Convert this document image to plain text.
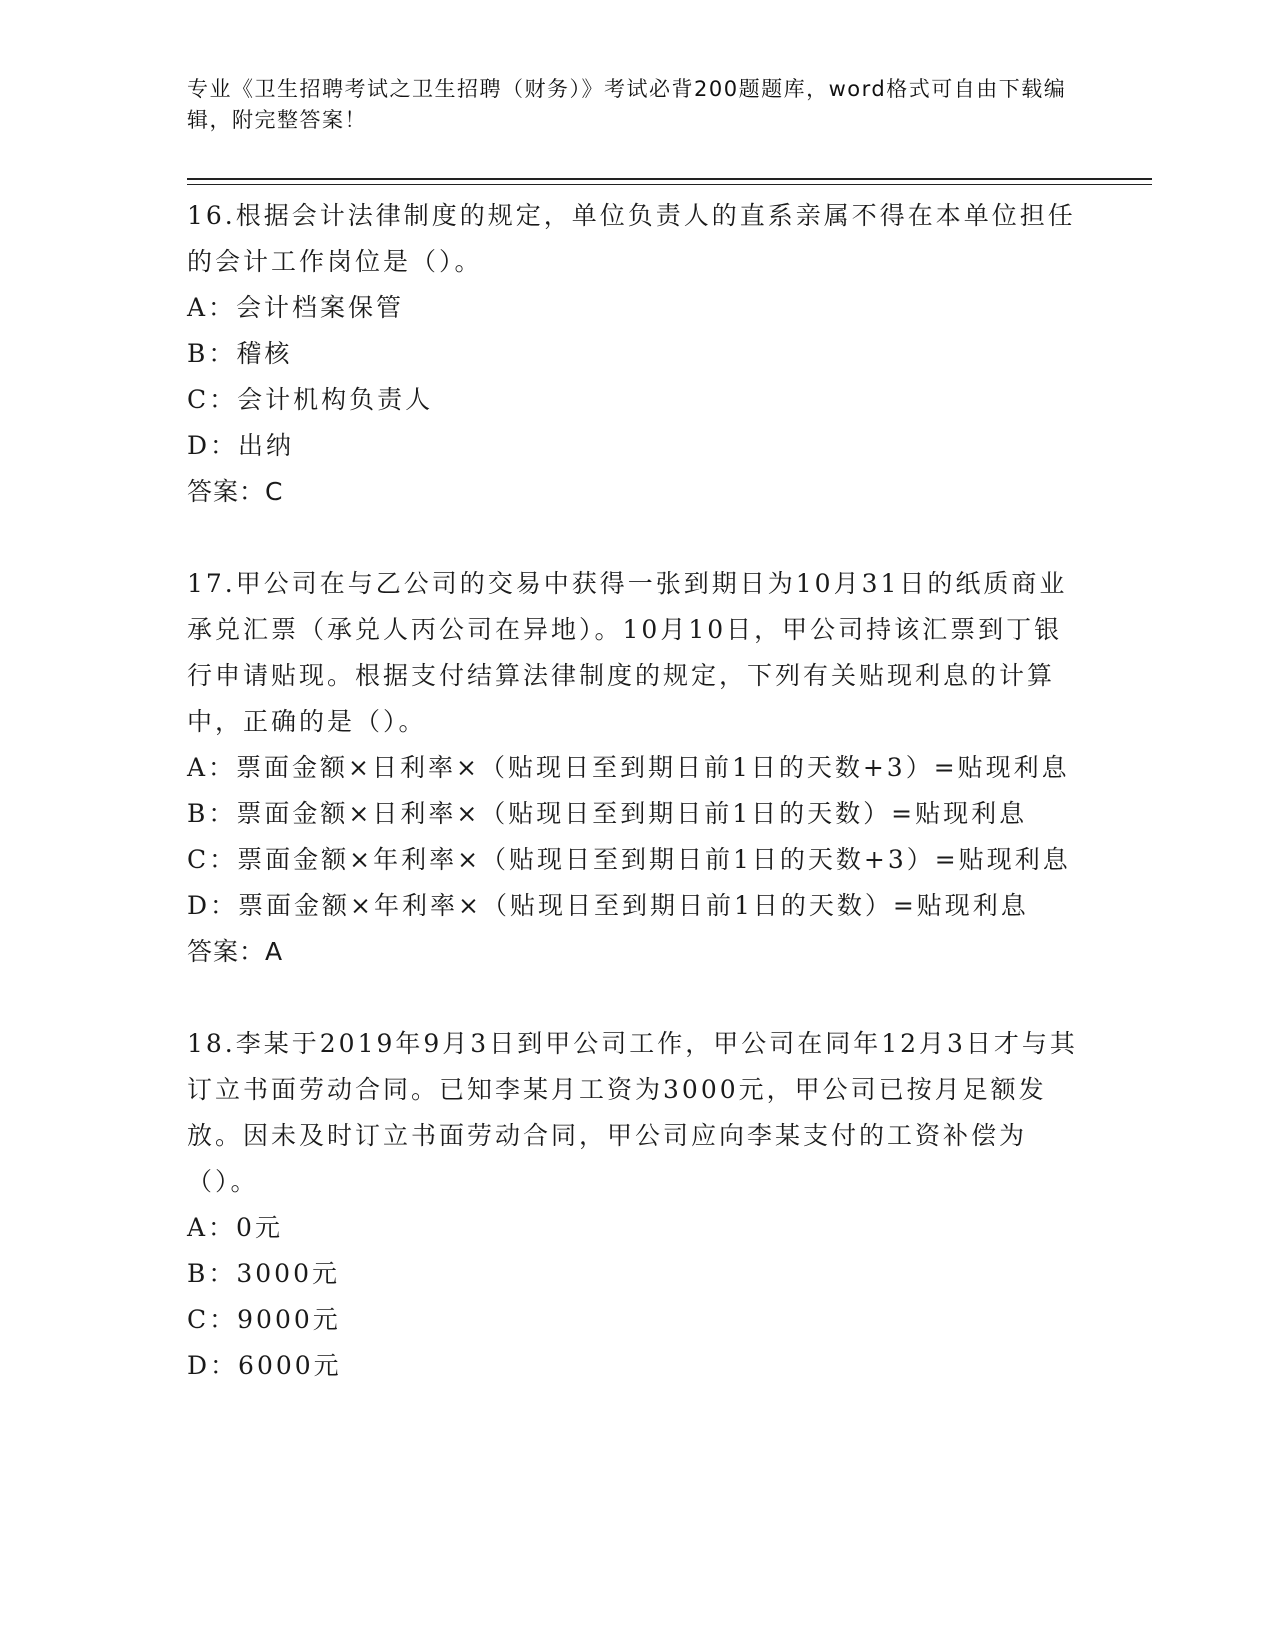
专业《卫生招聘考试之卫生招聘（财务）》考试必背200题题库，word格式可自由下载编辑，附完整答案！
16.根据会计法律制度的规定，单位负责人的直系亲属不得在本单位担任的会计工作岗位是（）。
A：会计档案保管
B：稽核
C：会计机构负责人
D：出纳
答案：C
17.甲公司在与乙公司的交易中获得一张到期日为10月31日的纸质商业承兑汇票（承兑人丙公司在异地）。10月10日，甲公司持该汇票到丁银行申请贴现。根据支付结算法律制度的规定，下列有关贴现利息的计算中，正确的是（）。
A：票面金额×日利率×（贴现日至到期日前1日的天数+3）=贴现利息
B：票面金额×日利率×（贴现日至到期日前1日的天数）=贴现利息
C：票面金额×年利率×（贴现日至到期日前1日的天数+3）=贴现利息
D：票面金额×年利率×（贴现日至到期日前1日的天数）=贴现利息
答案：A
18.李某于2019年9月3日到甲公司工作，甲公司在同年12月3日才与其订立书面劳动合同。已知李某月工资为3000元，甲公司已按月足额发放。因未及时订立书面劳动合同，甲公司应向李某支付的工资补偿为（）。
A：0元
B：3000元
C：9000元
D：6000元
